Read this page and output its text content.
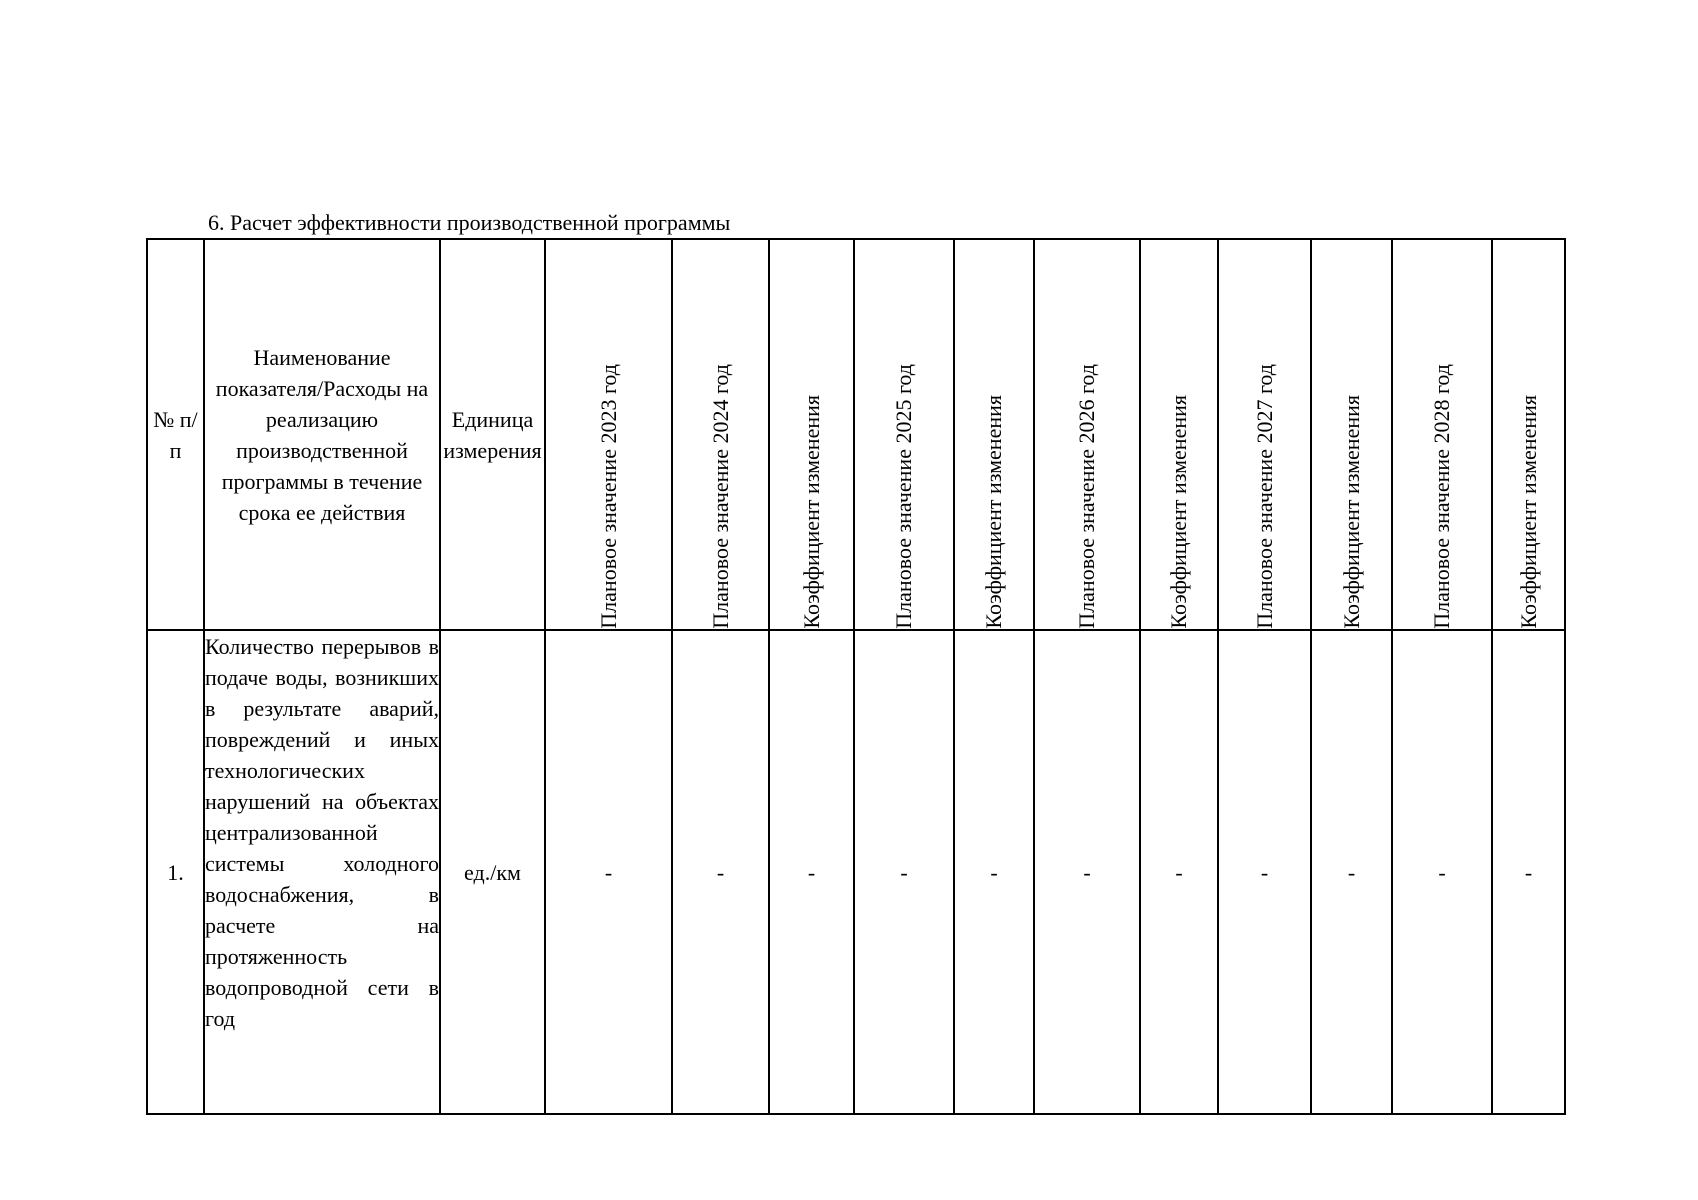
6. Расчет эффективности производственной программы
№ п/п	Наименование показателя/Расходы на реализацию производственной программы в течение срока ее действия	Единица измерения	Плановое значение 2023 год	Плановое значение 2024 год	Коэффициент изменения	Плановое значение 2025 год	Коэффициент изменения	Плановое значение 2026 год	Коэффициент изменения	Плановое значение 2027 год	Коэффициент изменения	Плановое значение 2028 год	Коэффициент изменения

1.	Количество перерывов в подаче воды, возникших в результате аварий, повреждений и иных технологических нарушений на объектах централизованной системы холодного водоснабжения, в расчете на протяженность водопроводной сети в год	ед./км	-	-	-	-	-	-	-	-	-	-	-
